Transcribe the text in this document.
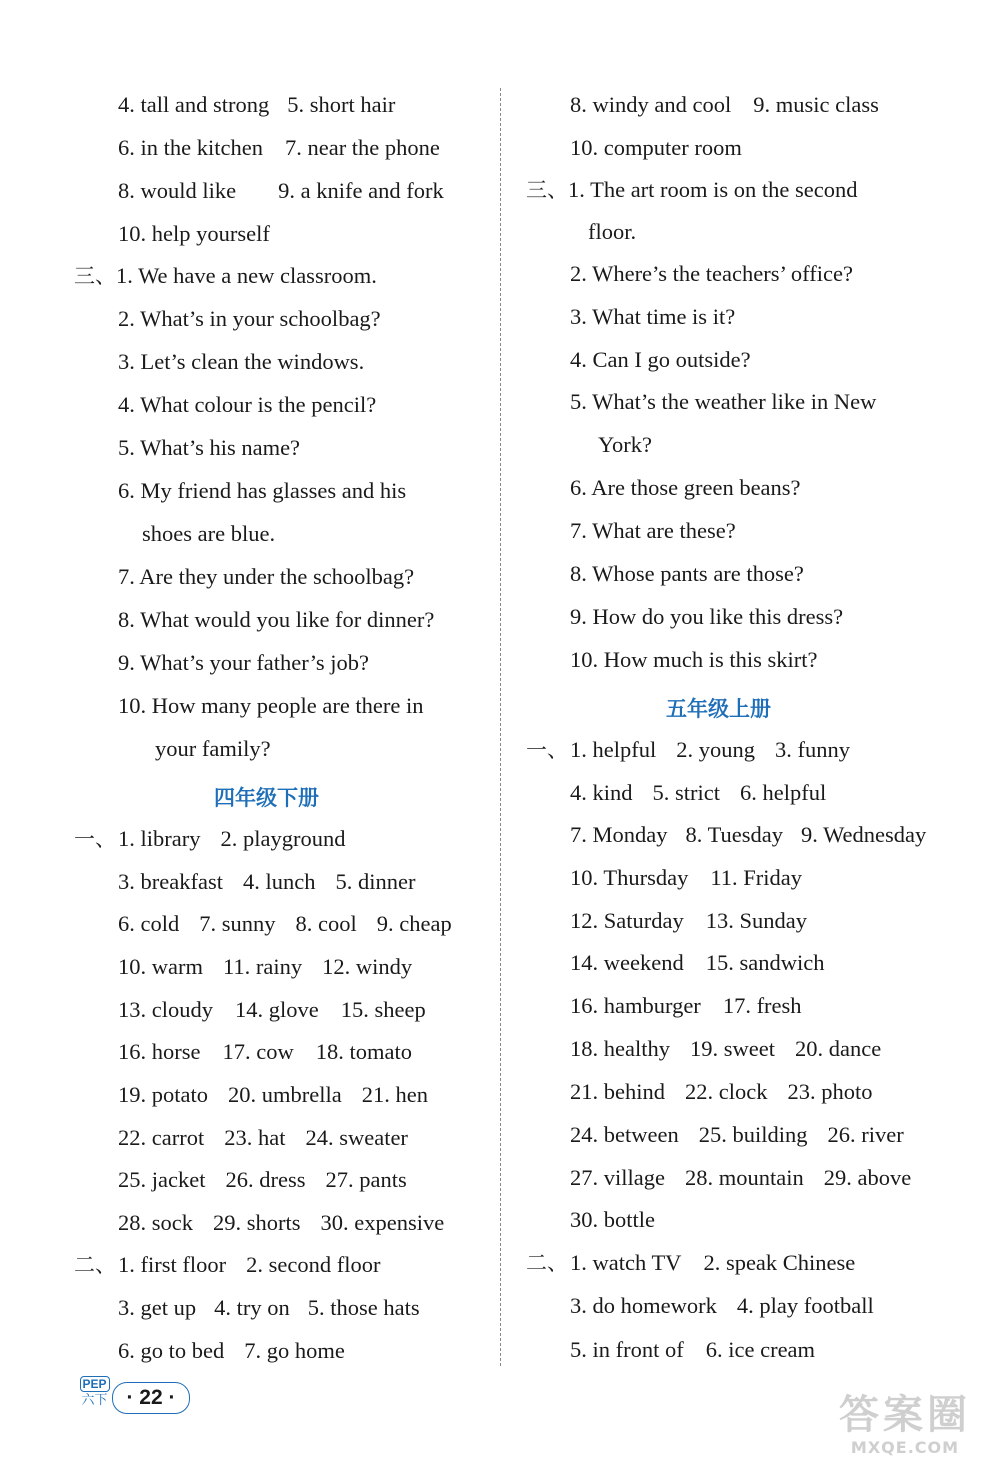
4. tall and strong 5. short hair
6. in the kitchen 7. near the phone
8. would like 9. a knife and fork
10. help yourself
三、 1. We have a new classroom.
2. What’s in your schoolbag?
3. Let’s clean the windows.
4. What colour is the pencil?
5. What’s his name?
6. My friend has glasses and his
shoes are blue.
7. Are they under the schoolbag?
8. What would you like for dinner?
9. What’s your father’s job?
10. How many people are there in
your family?
四年级下册
一、 1. library 2. playground
3. breakfast 4. lunch 5. dinner
6. cold 7. sunny 8. cool 9. cheap
10. warm 11. rainy 12. windy
13. cloudy 14. glove 15. sheep
16. horse 17. cow 18. tomato
19. potato 20. umbrella 21. hen
22. carrot 23. hat 24. sweater
25. jacket 26. dress 27. pants
28. sock 29. shorts 30. expensive
二、 1. first floor 2. second floor
3. get up 4. try on 5. those hats
6. go to bed 7. go home
8. windy and cool 9. music class
10. computer room
三、 1. The art room is on the second
floor.
2. Where’s the teachers’ office?
3. What time is it?
4. Can I go outside?
5. What’s the weather like in New
York?
6. Are those green beans?
7. What are these?
8. Whose pants are those?
9. How do you like this dress?
10. How much is this skirt?
五年级上册
一、 1. helpful 2. young 3. funny
4. kind 5. strict 6. helpful
7. Monday 8. Tuesday 9. Wednesday
10. Thursday 11. Friday
12. Saturday 13. Sunday
14. weekend 15. sandwich
16. hamburger 17. fresh
18. healthy 19. sweet 20. dance
21. behind 22. clock 23. photo
24. between 25. building 26. river
27. village 28. mountain 29. above
30. bottle
二、 1. watch TV 2. speak Chinese
3. do homework 4. play football
5. in front of 6. ice cream
PEP
六下 · 22 ·	答案圈
MXQE.COM
